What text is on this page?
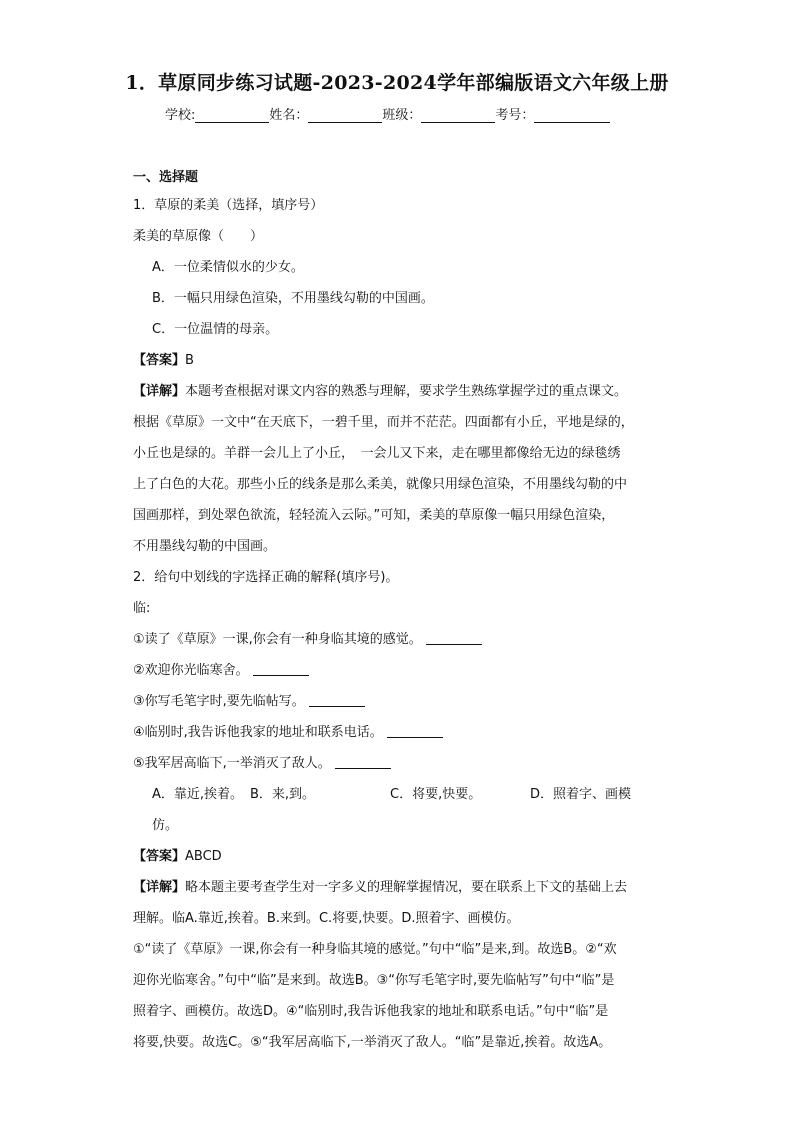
1．草原同步练习试题-2023-2024学年部编版语文六年级上册
学校:	姓名：	班级：	考号：
一、选择题
1．草原的柔美（选择，填序号）
柔美的草原像（　　）
A．一位柔情似水的少女。
B．一幅只用绿色渲染，不用墨线勾勒的中国画。
C．一位温情的母亲。
【答案】B
【详解】本题考查根据对课文内容的熟悉与理解，要求学生熟练掌握学过的重点课文。
根据《草原》一文中“在天底下，一碧千里，而并不茫茫。四面都有小丘，平地是绿的，
小丘也是绿的。羊群一会儿上了小丘，　一会儿又下来，走在哪里都像给无边的绿毯绣
上了白色的大花。那些小丘的线条是那么柔美，就像只用绿色渲染，不用墨线勾勒的中
国画那样，到处翠色欲流，轻轻流入云际。”可知，柔美的草原像一幅只用绿色渲染，
不用墨线勾勒的中国画。
2．给句中划线的字选择正确的解释(填序号)。
临:
①读了《草原》一课,你会有一种身临其境的感觉。
②欢迎你光临寒舍。
③你写毛笔字时,要先临帖写。
④临别时,我告诉他我家的地址和联系电话。
⑤我军居高临下,一举消灭了敌人。
A．靠近,挨着。 B．来,到。	C．将要,快要。	D．照着字、画模
仿。
【答案】ABCD
【详解】略本题主要考查学生对一字多义的理解掌握情况，要在联系上下文的基础上去
理解。临A.靠近,挨着。B.来到。C.将要,快要。D.照着字、画模仿。
①“读了《草原》一课,你会有一种身临其境的感觉。”句中“临”是来,到。故选B。②“欢
迎你光临寒舍。”句中“临”是来到。故选B。③“你写毛笔字时,要先临帖写”句中“临”是
照着字、画模仿。故选D。④“临别时,我告诉他我家的地址和联系电话。”句中“临”是
将要,快要。故选C。⑤“我军居高临下,一举消灭了敌人。“临”是靠近,挨着。故选A。
